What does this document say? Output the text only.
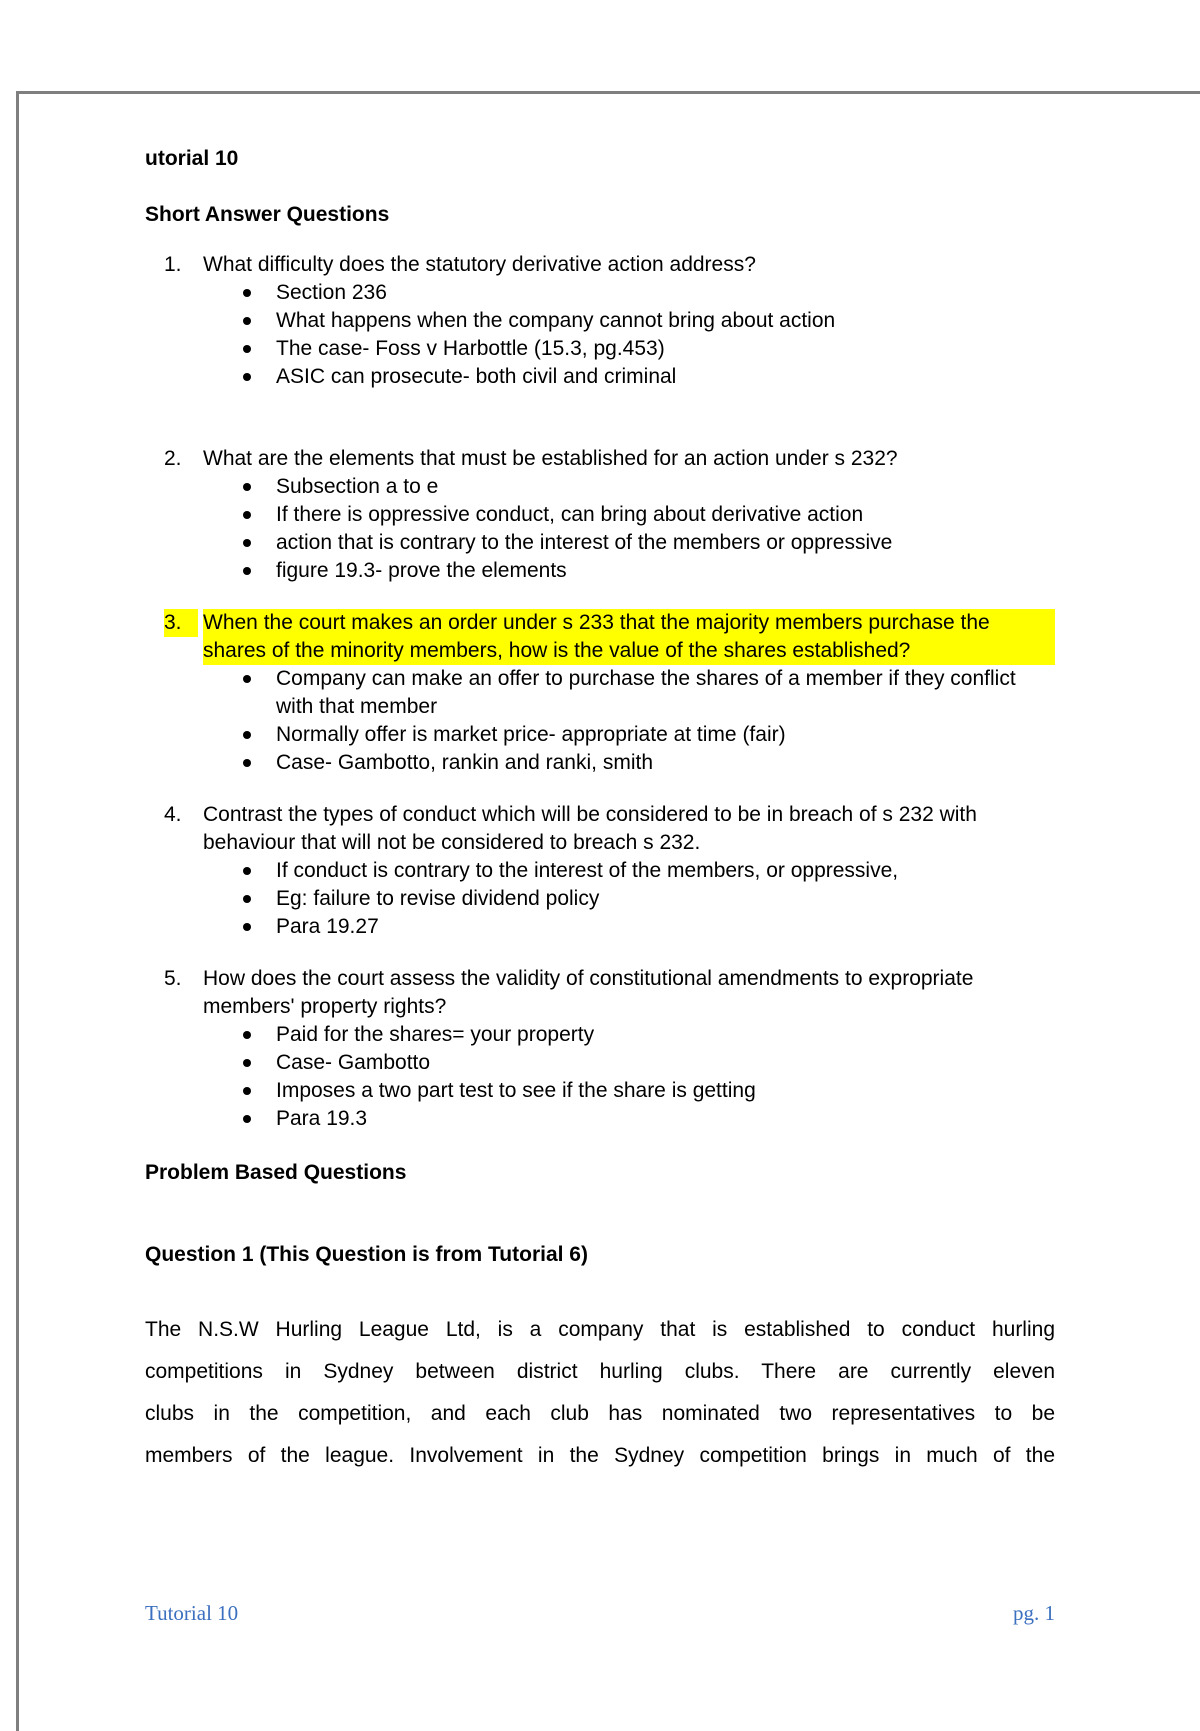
utorial 10

Short Answer Questions

1.	What difficulty does the statutory derivative action address?
Section 236
What happens when the company cannot bring about action
The case- Foss v Harbottle (15.3, pg.453)
ASIC can prosecute- both civil and criminal
2.	What are the elements that must be established for an action under s 232?
Subsection a to e
If there is oppressive conduct, can bring about derivative action
action that is contrary to the interest of the members or oppressive
figure 19.3- prove the elements
3.	When the court makes an order under s 233 that the majority members purchase the shares of the minority members, how is the value of the shares established?
Company can make an offer to purchase the shares of a member if they conflict with that member
Normally offer is market price- appropriate at time (fair)
Case- Gambotto, rankin and ranki, smith
4.	Contrast the types of conduct which will be considered to be in breach of s 232 with behaviour that will not be considered to breach s 232.
If conduct is contrary to the interest of the members, or oppressive,
Eg: failure to revise dividend policy
Para 19.27
5.	How does the court assess the validity of constitutional amendments to expropriate members' property rights?
Paid for the shares= your property
Case- Gambotto
Imposes a two part test to see if the share is getting
Para 19.3

Problem Based Questions

Question 1 (This Question is from Tutorial 6)

The N.S.W Hurling League Ltd, is a company that is established to conduct hurling

competitions in Sydney between district hurling clubs. There are currently eleven

clubs in the competition, and each club has nominated two representatives to be

members of the league. Involvement in the Sydney competition brings in much of the

Tutorial 10	pg. 1
